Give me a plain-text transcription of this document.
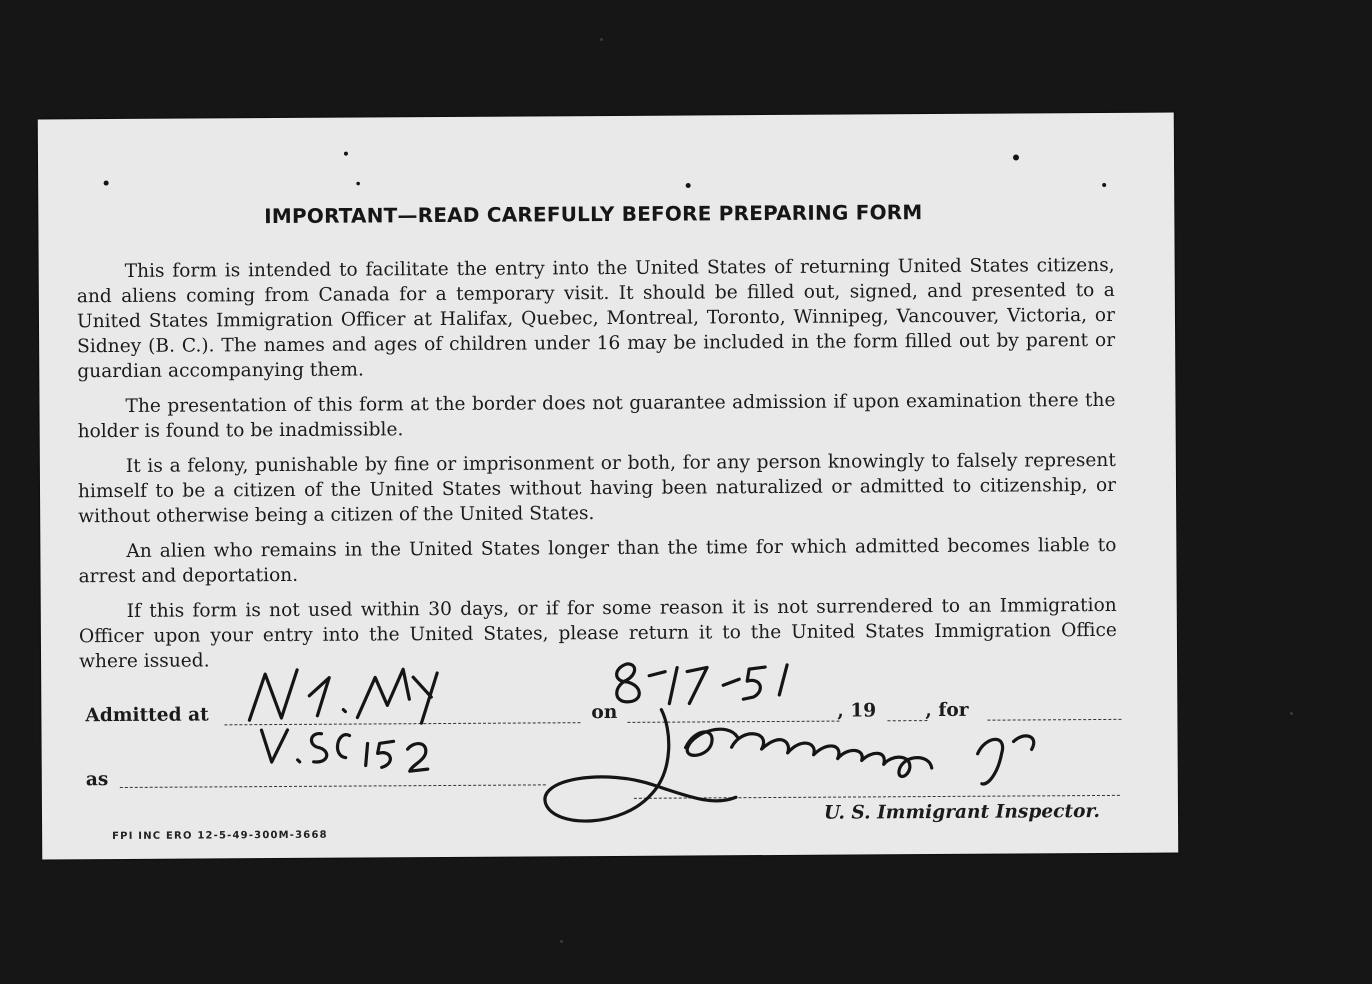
IMPORTANT—READ CAREFULLY BEFORE PREPARING FORM

This form is intended to facilitate the entry into the United States of returning United States citizens, and aliens coming from Canada for a temporary visit. It should be filled out, signed, and presented to a United States Immigration Officer at Halifax, Quebec, Montreal, Toronto, Winnipeg, Vancouver, Victoria, or Sidney (B. C.). The names and ages of children under 16 may be included in the form filled out by parent or guardian accompanying them.

The presentation of this form at the border does not guarantee admission if upon examination there the holder is found to be inadmissible.

It is a felony, punishable by fine or imprisonment or both, for any person knowingly to falsely represent himself to be a citizen of the United States without having been naturalized or admitted to citizenship, or without otherwise being a citizen of the United States.

An alien who remains in the United States longer than the time for which admitted becomes liable to arrest and deportation.

If this form is not used within 30 days, or if for some reason it is not surrendered to an Immigration Officer upon your entry into the United States, please return it to the United States Immigration Office where issued.

Admitted at	on	, 19	, for
as
U. S. Immigrant Inspector.
FPI INC ERO 12-5-49-300M-3668
